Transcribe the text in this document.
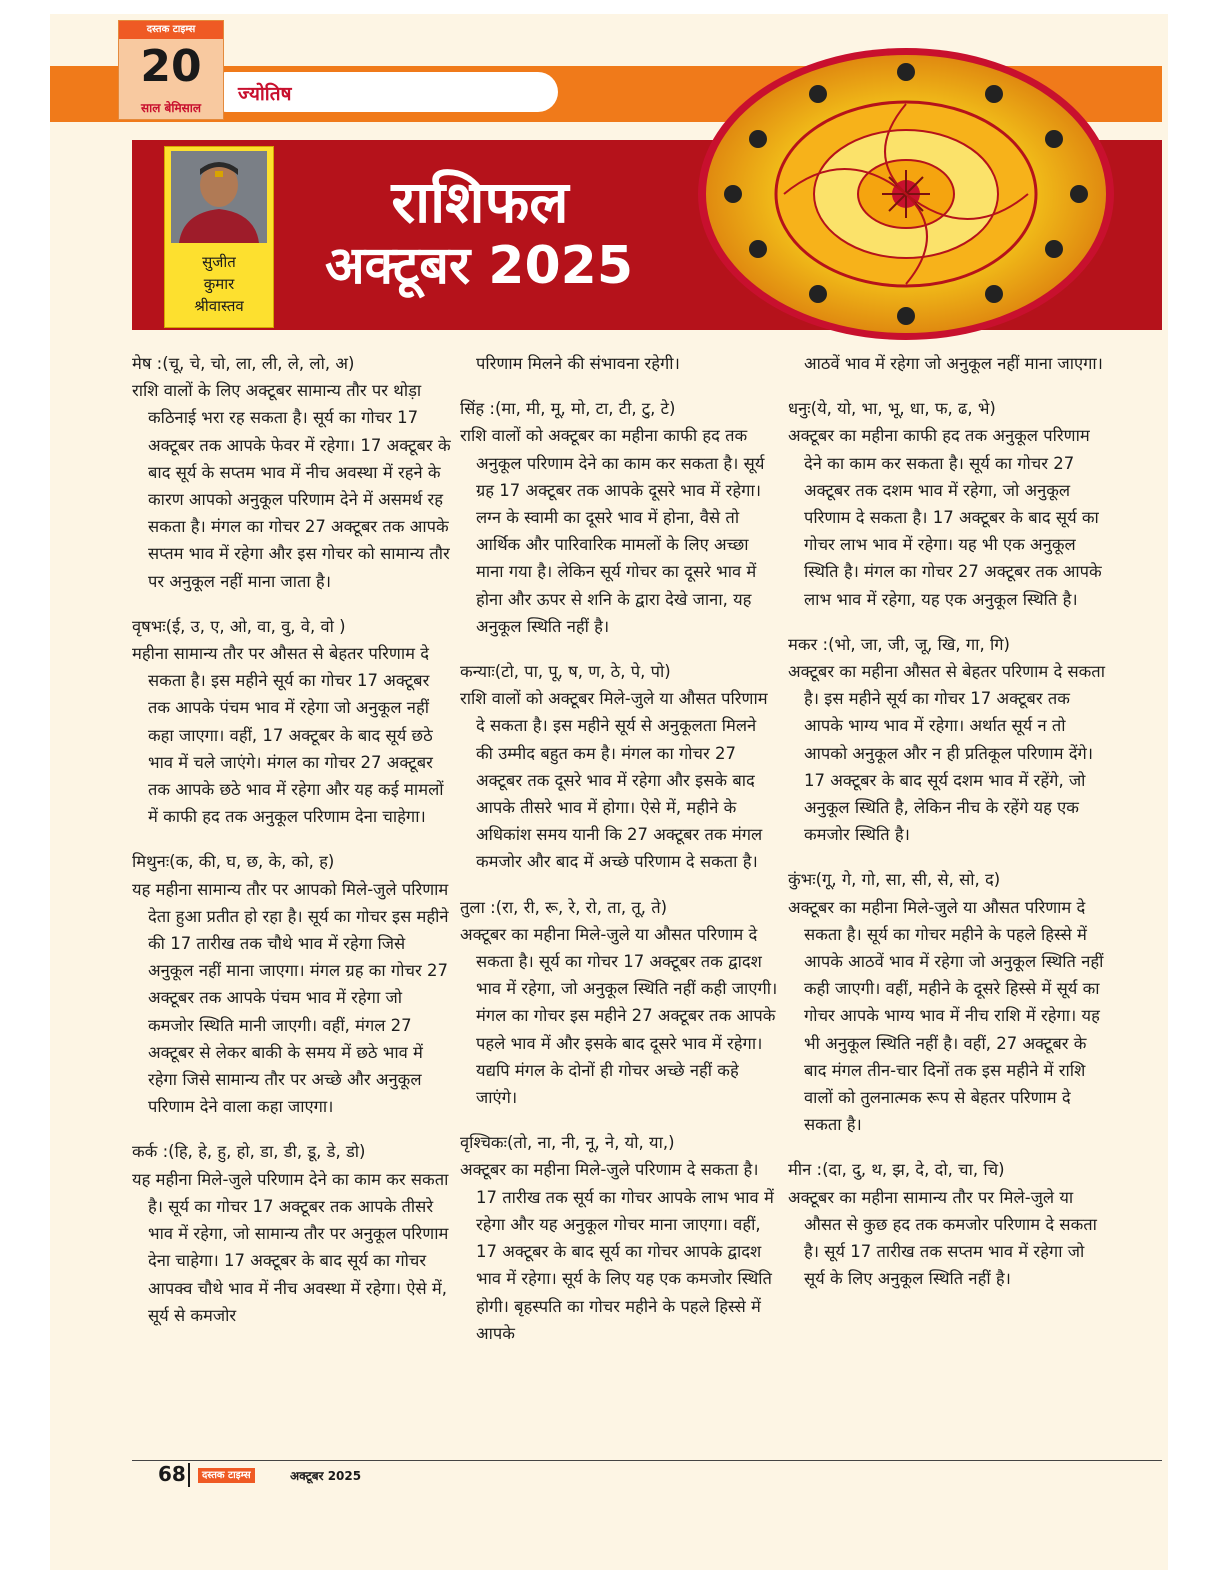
ज्योतिष
दस्तक टाइम्स
20
साल बेमिसाल
सुजीत
कुमार
श्रीवास्तव
राशिफल
अक्टूबर 2025
मेष :(चू, चे, चो, ला, ली, ले, लो, अ)
राशि वालों के लिए अक्टूबर सामान्य तौर पर थोड़ा कठिनाई भरा रह सकता है। सूर्य का गोचर 17 अक्टूबर तक आपके फेवर में रहेगा। 17 अक्टूबर के बाद सूर्य के सप्तम भाव में नीच अवस्था में रहने के कारण आपको अनुकूल परिणाम देने में असमर्थ रह सकता है। मंगल का गोचर 27 अक्टूबर तक आपके सप्तम भाव में रहेगा और इस गोचर को सामान्य तौर पर अनुकूल नहीं माना जाता है।
वृषभः(ई, उ, ए, ओ, वा, वु, वे, वो )
महीना सामान्य तौर पर औसत से बेहतर परिणाम दे सकता है। इस महीने सूर्य का गोचर 17 अक्टूबर तक आपके पंचम भाव में रहेगा जो अनुकूल नहीं कहा जाएगा। वहीं, 17 अक्टूबर के बाद सूर्य छठे भाव में चले जाएंगे। मंगल का गोचर 27 अक्टूबर तक आपके छठे भाव में रहेगा और यह कई मामलों में काफी हद तक अनुकूल परिणाम देना चाहेगा।
मिथुनः(क, की, घ, छ, के, को, ह)
यह महीना सामान्य तौर पर आपको मिले-जुले परिणाम देता हुआ प्रतीत हो रहा है। सूर्य का गोचर इस महीने की 17 तारीख तक चौथे भाव में रहेगा जिसे अनुकूल नहीं माना जाएगा। मंगल ग्रह का गोचर 27 अक्टूबर तक आपके पंचम भाव में रहेगा जो कमजोर स्थिति मानी जाएगी। वहीं, मंगल 27 अक्टूबर से लेकर बाकी के समय में छठे भाव में रहेगा जिसे सामान्य तौर पर अच्छे और अनुकूल परिणाम देने वाला कहा जाएगा।
कर्क :(हि, हे, हु, हो, डा, डी, डू, डे, डो)
यह महीना मिले-जुले परिणाम देने का काम कर सकता है। सूर्य का गोचर 17 अक्टूबर तक आपके तीसरे भाव में रहेगा, जो सामान्य तौर पर अनुकूल परिणाम देना चाहेगा। 17 अक्टूबर के बाद सूर्य का गोचर आपक्व चौथे भाव में नीच अवस्था में रहेगा। ऐसे में, सूर्य से कमजोर
परिणाम मिलने की संभावना रहेगी।
सिंह :(मा, मी, मू, मो, टा, टी, टु, टे)
राशि वालों को अक्टूबर का महीना काफी हद तक अनुकूल परिणाम देने का काम कर सकता है। सूर्य ग्रह 17 अक्टूबर तक आपके दूसरे भाव में रहेगा। लग्न के स्वामी का दूसरे भाव में होना, वैसे तो आर्थिक और पारिवारिक मामलों के लिए अच्छा माना गया है। लेकिन सूर्य गोचर का दूसरे भाव में होना और ऊपर से शनि के द्वारा देखे जाना, यह अनुकूल स्थिति नहीं है।
कन्याः(टो, पा, पू, ष, ण, ठे, पे, पो)
राशि वालों को अक्टूबर मिले-जुले या औसत परिणाम दे सकता है। इस महीने सूर्य से अनुकूलता मिलने की उम्मीद बहुत कम है। मंगल का गोचर 27 अक्टूबर तक दूसरे भाव में रहेगा और इसके बाद आपके तीसरे भाव में होगा। ऐसे में, महीने के अधिकांश समय यानी कि 27 अक्टूबर तक मंगल कमजोर और बाद में अच्छे परिणाम दे सकता है।
तुला :(रा, री, रू, रे, रो, ता, तू, ते)
अक्टूबर का महीना मिले-जुले या औसत परिणाम दे सकता है। सूर्य का गोचर 17 अक्टूबर तक द्वादश भाव में रहेगा, जो अनुकूल स्थिति नहीं कही जाएगी। मंगल का गोचर इस महीने 27 अक्टूबर तक आपके पहले भाव में और इसके बाद दूसरे भाव में रहेगा। यद्यपि मंगल के दोनों ही गोचर अच्छे नहीं कहे जाएंगे।
वृश्चिकः(तो, ना, नी, नू, ने, यो, या,)
अक्टूबर का महीना मिले-जुले परिणाम दे सकता है। 17 तारीख तक सूर्य का गोचर आपके लाभ भाव में रहेगा और यह अनुकूल गोचर माना जाएगा। वहीं, 17 अक्टूबर के बाद सूर्य का गोचर आपके द्वादश भाव में रहेगा। सूर्य के लिए यह एक कमजोर स्थिति होगी। बृहस्पति का गोचर महीने के पहले हिस्से में आपके
आठवें भाव में रहेगा जो अनुकूल नहीं माना जाएगा।
धनुः(ये, यो, भा, भू, धा, फ, ढ, भे)
अक्टूबर का महीना काफी हद तक अनुकूल परिणाम देने का काम कर सकता है। सूर्य का गोचर 27 अक्टूबर तक दशम भाव में रहेगा, जो अनुकूल परिणाम दे सकता है। 17 अक्टूबर के बाद सूर्य का गोचर लाभ भाव में रहेगा। यह भी एक अनुकूल स्थिति है। मंगल का गोचर 27 अक्टूबर तक आपके लाभ भाव में रहेगा, यह एक अनुकूल स्थिति है।
मकर :(भो, जा, जी, जू, खि, गा, गि)
अक्टूबर का महीना औसत से बेहतर परिणाम दे सकता है। इस महीने सूर्य का गोचर 17 अक्टूबर तक आपके भाग्य भाव में रहेगा। अर्थात सूर्य न तो आपको अनुकूल और न ही प्रतिकूल परिणाम देंगे। 17 अक्टूबर के बाद सूर्य दशम भाव में रहेंगे, जो अनुकूल स्थिति है, लेकिन नीच के रहेंगे यह एक कमजोर स्थिति है।
कुंभः(गू, गे, गो, सा, सी, से, सो, द)
अक्टूबर का महीना मिले-जुले या औसत परिणाम दे सकता है। सूर्य का गोचर महीने के पहले हिस्से में आपके आठवें भाव में रहेगा जो अनुकूल स्थिति नहीं कही जाएगी। वहीं, महीने के दूसरे हिस्से में सूर्य का गोचर आपके भाग्य भाव में नीच राशि में रहेगा। यह भी अनुकूल स्थिति नहीं है। वहीं, 27 अक्टूबर के बाद मंगल तीन-चार दिनों तक इस महीने में राशि वालों को तुलनात्मक रूप से बेहतर परिणाम दे सकता है।
मीन :(दा, दु, थ, झ, दे, दो, चा, चि)
अक्टूबर का महीना सामान्य तौर पर मिले-जुले या औसत से कुछ हद तक कमजोर परिणाम दे सकता है। सूर्य 17 तारीख तक सप्तम भाव में रहेगा जो सूर्य के लिए अनुकूल स्थिति नहीं है।
68	दस्तक टाइम्स	अक्टूबर 2025
